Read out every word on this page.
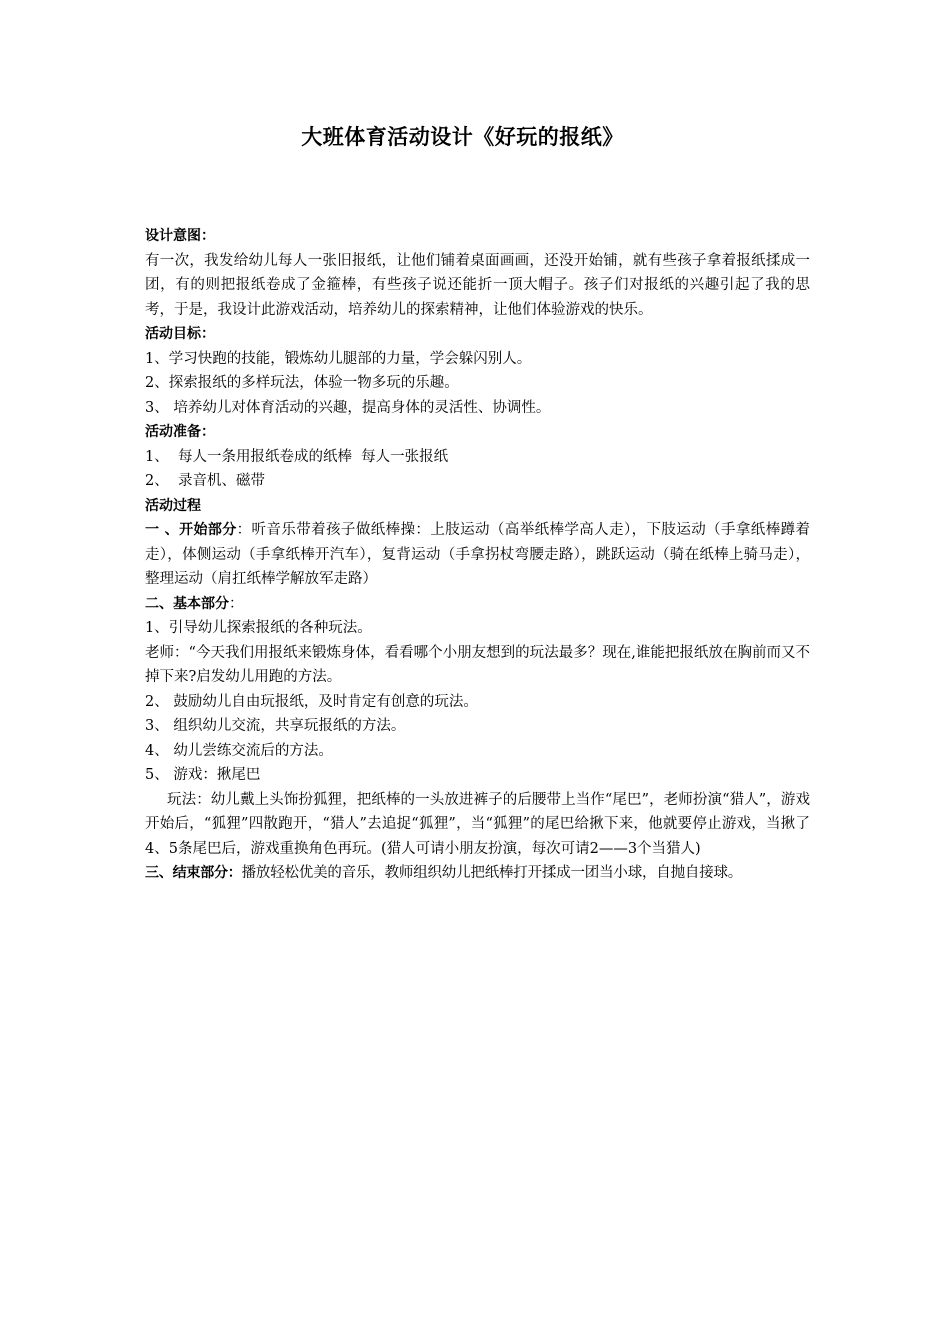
大班体育活动设计《好玩的报纸》

设计意图：

有一次，我发给幼儿每人一张旧报纸，让他们铺着桌面画画，还没开始铺，就有些孩子拿着报纸揉成一团，有的则把报纸卷成了金箍棒，有些孩子说还能折一顶大帽子。孩子们对报纸的兴趣引起了我的思考，于是，我设计此游戏活动，培养幼儿的探索精神，让他们体验游戏的快乐。

活动目标：

1、学习快跑的技能，锻炼幼儿腿部的力量，学会躲闪别人。

2、探索报纸的多样玩法，体验一物多玩的乐趣。

3、 培养幼儿对体育活动的兴趣，提高身体的灵活性、协调性。

活动准备：

1、  每人一条用报纸卷成的纸棒  每人一张报纸

2、  录音机、磁带

活动过程

一 、开始部分：听音乐带着孩子做纸棒操：上肢运动（高举纸棒学高人走），下肢运动（手拿纸棒蹲着走），体侧运动（手拿纸棒开汽车），复背运动（手拿拐杖弯腰走路），跳跃运动（骑在纸棒上骑马走），  整理运动（肩扛纸棒学解放军走路）

二、基本部分：

1、引导幼儿探索报纸的各种玩法。

老师：“今天我们用报纸来锻炼身体，看看哪个小朋友想到的玩法最多？现在,谁能把报纸放在胸前而又不掉下来?启发幼儿用跑的方法。

2、 鼓励幼儿自由玩报纸，及时肯定有创意的玩法。

3、 组织幼儿交流，共享玩报纸的方法。

4、 幼儿尝练交流后的方法。

5、 游戏：揪尾巴

玩法：幼儿戴上头饰扮狐狸，把纸棒的一头放进裤子的后腰带上当作“尾巴”，老师扮演“猎人”，游戏开始后，“狐狸”四散跑开，“猎人”去追捉“狐狸”，当“狐狸”的尾巴给揪下来，他就要停止游戏，当揪了4、5条尾巴后，游戏重换角色再玩。(猎人可请小朋友扮演，每次可请2——3个当猎人)

三、结束部分：播放轻松优美的音乐，教师组织幼儿把纸棒打开揉成一团当小球，自抛自接球。
